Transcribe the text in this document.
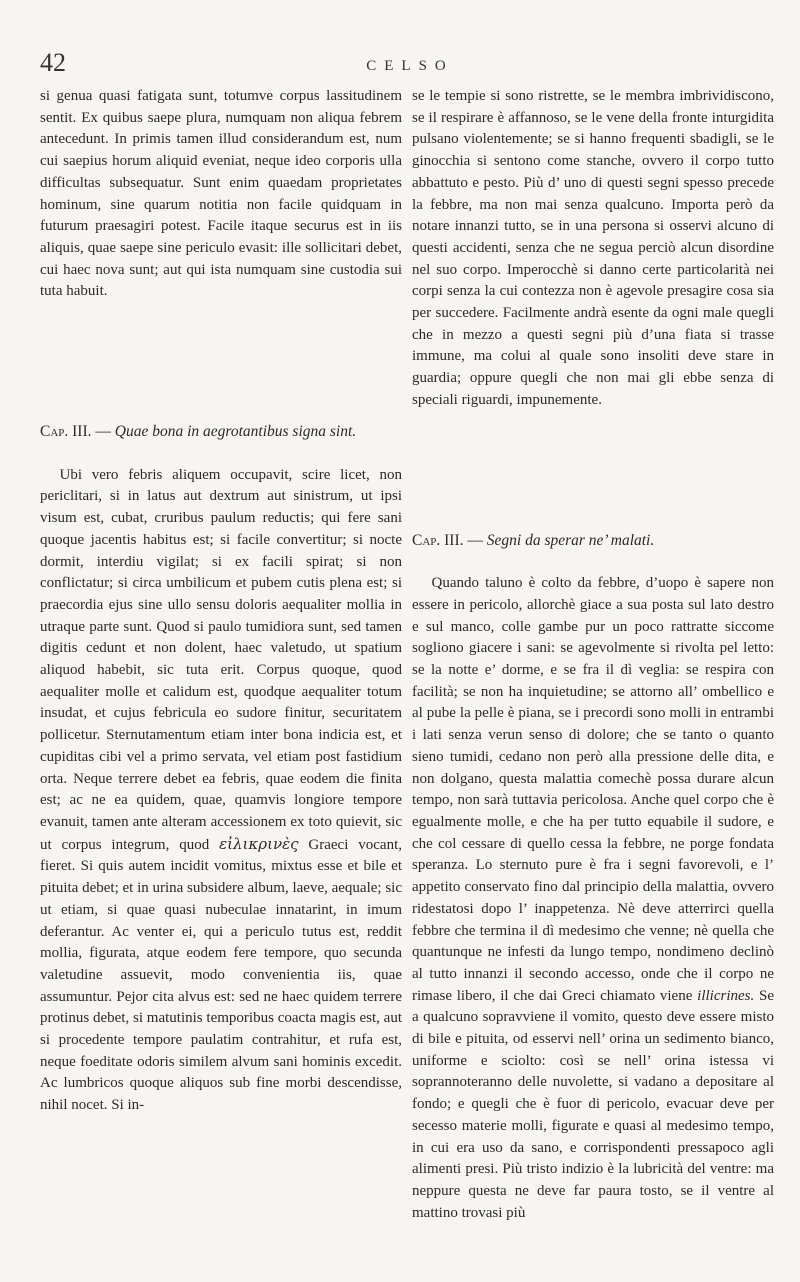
42	CELSO

si genua quasi fatigata sunt, totumve corpus lassitudinem sentit. Ex quibus saepe plura, numquam non aliqua febrem antecedunt. In primis tamen illud considerandum est, num cui saepius horum aliquid eveniat, neque ideo corporis ulla difficultas subsequatur. Sunt enim quaedam proprietates hominum, sine quarum notitia non facile quidquam in futurum praesagiri potest. Facile itaque securus est in iis aliquis, quae saepe sine periculo evasit: ille sollicitari debet, cui haec nova sunt; aut qui ista numquam sine custodia sui tuta habuit.

Cap. III. — Quae bona in aegrotantibus signa sint.

Ubi vero febris aliquem occupavit, scire licet, non periclitari, si in latus aut dextrum aut sinistrum, ut ipsi visum est, cubat, cruribus paulum reductis; qui fere sani quoque jacentis habitus est; si facile convertitur; si nocte dormit, interdiu vigilat; si ex facili spirat; si non conflictatur; si circa umbilicum et pubem cutis plena est; si praecordia ejus sine ullo sensu doloris aequaliter mollia in utraque parte sunt. Quod si paulo tumidiora sunt, sed tamen digitis cedunt et non dolent, haec valetudo, ut spatium aliquod habebit, sic tuta erit. Corpus quoque, quod aequaliter molle et calidum est, quodque aequaliter totum insudat, et cujus febricula eo sudore finitur, securitatem pollicetur. Sternutamentum etiam inter bona indicia est, et cupiditas cibi vel a primo servata, vel etiam post fastidium orta. Neque terrere debet ea febris, quae eodem die finita est; ac ne ea quidem, quae, quamvis longiore tempore evanuit, tamen ante alteram accessionem ex toto quievit, sic ut corpus integrum, quod εἰλικρινὲς Graeci vocant, fieret. Si quis autem incidit vomitus, mixtus esse et bile et pituita debet; et in urina subsidere album, laeve, aequale; sic ut etiam, si quae quasi nubeculae innatarint, in imum deferantur. Ac venter ei, qui a periculo tutus est, reddit mollia, figurata, atque eodem fere tempore, quo secunda valetudine assuevit, modo convenientia iis, quae assumuntur. Pejor cita alvus est: sed ne haec quidem terrere protinus debet, si matutinis temporibus coacta magis est, aut si procedente tempore paulatim contrahitur, et rufa est, neque foeditate odoris similem alvum sani hominis excedit. Ac lumbricos quoque aliquos sub fine morbi descendisse, nihil nocet. Si in-

se le tempie si sono ristrette, se le membra imbrividiscono, se il respirare è affannoso, se le vene della fronte inturgidita pulsano violentemente; se si hanno frequenti sbadigli, se le ginocchia si sentono come stanche, ovvero il corpo tutto abbattuto e pesto. Più d’ uno di questi segni spesso precede la febbre, ma non mai senza qualcuno. Importa però da notare innanzi tutto, se in una persona si osservi alcuno di questi accidenti, senza che ne segua perciò alcun disordine nel suo corpo. Imperocchè si danno certe particolarità nei corpi senza la cui contezza non è agevole presagire cosa sia per succedere. Facilmente andrà esente da ogni male quegli che in mezzo a questi segni più d’una fiata si trasse immune, ma colui al quale sono insoliti deve stare in guardia; oppure quegli che non mai gli ebbe senza di speciali riguardi, impunemente.

Cap. III. — Segni da sperar ne’ malati.

Quando taluno è colto da febbre, d’uopo è sapere non essere in pericolo, allorchè giace a sua posta sul lato destro e sul manco, colle gambe pur un poco rattratte siccome sogliono giacere i sani: se agevolmente si rivolta pel letto: se la notte e’ dorme, e se fra il dì veglia: se respira con facilità; se non ha inquietudine; se attorno all’ ombellico e al pube la pelle è piana, se i precordi sono molli in entrambi i lati senza verun senso di dolore; che se tanto o quanto sieno tumidi, cedano non però alla pressione delle dita, e non dolgano, questa malattia comechè possa durare alcun tempo, non sarà tuttavia pericolosa. Anche quel corpo che è egualmente molle, e che ha per tutto equabile il sudore, e che col cessare di quello cessa la febbre, ne porge fondata speranza. Lo sternuto pure è fra i segni favorevoli, e l’ appetito conservato fino dal principio della malattia, ovvero ridestatosi dopo l’ inappetenza. Nè deve atterrirci quella febbre che termina il dì medesimo che venne; nè quella che quantunque ne infesti da lungo tempo, nondimeno declinò al tutto innanzi il secondo accesso, onde che il corpo ne rimase libero, il che dai Greci chiamato viene illicrines. Se a qualcuno sopravviene il vomito, questo deve essere misto di bile e pituita, od esservi nell’ orina un sedimento bianco, uniforme e sciolto: così se nell’ orina istessa vi soprannoteranno delle nuvolette, si vadano a depositare al fondo; e quegli che è fuor di pericolo, evacuar deve per secesso materie molli, figurate e quasi al medesimo tempo, in cui era uso da sano, e corrispondenti pressapoco agli alimenti presi. Più tristo indizio è la lubricità del ventre: ma neppure questa ne deve far paura tosto, se il ventre al mattino trovasi più
